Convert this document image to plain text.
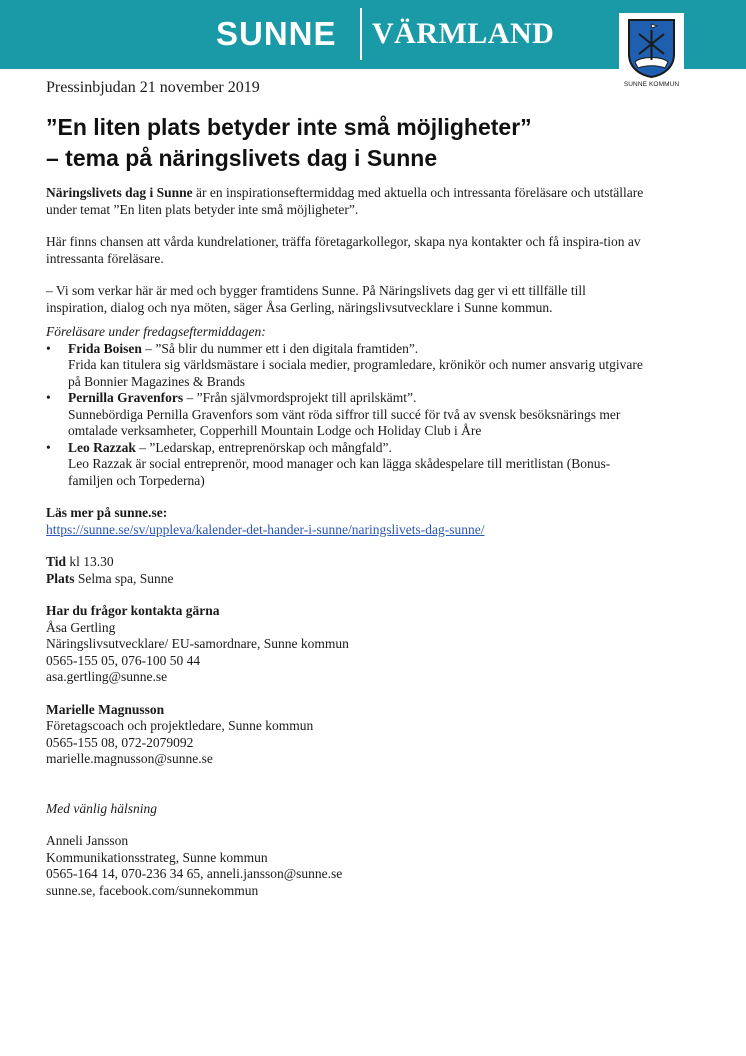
SUNNE VÄRMLAND
SUNNE KOMMUN
Pressinbjudan 21 november 2019
”En liten plats betyder inte små möjligheter”
– tema på näringslivets dag i Sunne

Näringslivets dag i Sunne är en inspirationseftermiddag med aktuella och intressanta föreläsare och utställare under temat ”En liten plats betyder inte små möjligheter”.

Här finns chansen att vårda kundrelationer, träffa företagarkollegor, skapa nya kontakter och få inspira-tion av intressanta föreläsare.

– Vi som verkar här är med och bygger framtidens Sunne. På Näringslivets dag ger vi ett tillfälle till inspiration, dialog och nya möten, säger Åsa Gerling, näringslivsutvecklare i Sunne kommun.

Föreläsare under fredagseftermiddagen:

• Frida Boisen – ”Så blir du nummer ett i den digitala framtiden”.
Frida kan titulera sig världsmästare i sociala medier, programledare, krönikör och numer ansvarig utgivare på Bonnier Magazines & Brands
• Pernilla Gravenfors – ”Från självmordsprojekt till aprilskämt”.
Sunnebördiga Pernilla Gravenfors som vänt röda siffror till succé för två av svensk besöksnärings mer omtalade verksamheter, Copperhill Mountain Lodge och Holiday Club i Åre
• Leo Razzak – ”Ledarskap, entreprenörskap och mångfald”.
Leo Razzak är social entreprenör, mood manager och kan lägga skådespelare till meritlistan (Bonus-familjen och Torpederna)

Läs mer på sunne.se:

https://sunne.se/sv/uppleva/kalender-det-hander-i-sunne/naringslivets-dag-sunne/

Tid kl 13.30

Plats Selma spa, Sunne

Har du frågor kontakta gärna

Åsa Gertling

Näringslivsutvecklare/ EU-samordnare, Sunne kommun

0565-155 05, 076-100 50 44

asa.gertling@sunne.se

Marielle Magnusson

Företagscoach och projektledare, Sunne kommun

0565-155 08, 072-2079092

marielle.magnusson@sunne.se

Med vänlig hälsning

Anneli Jansson

Kommunikationsstrateg, Sunne kommun

0565-164 14, 070-236 34 65, anneli.jansson@sunne.se

sunne.se, facebook.com/sunnekommun
